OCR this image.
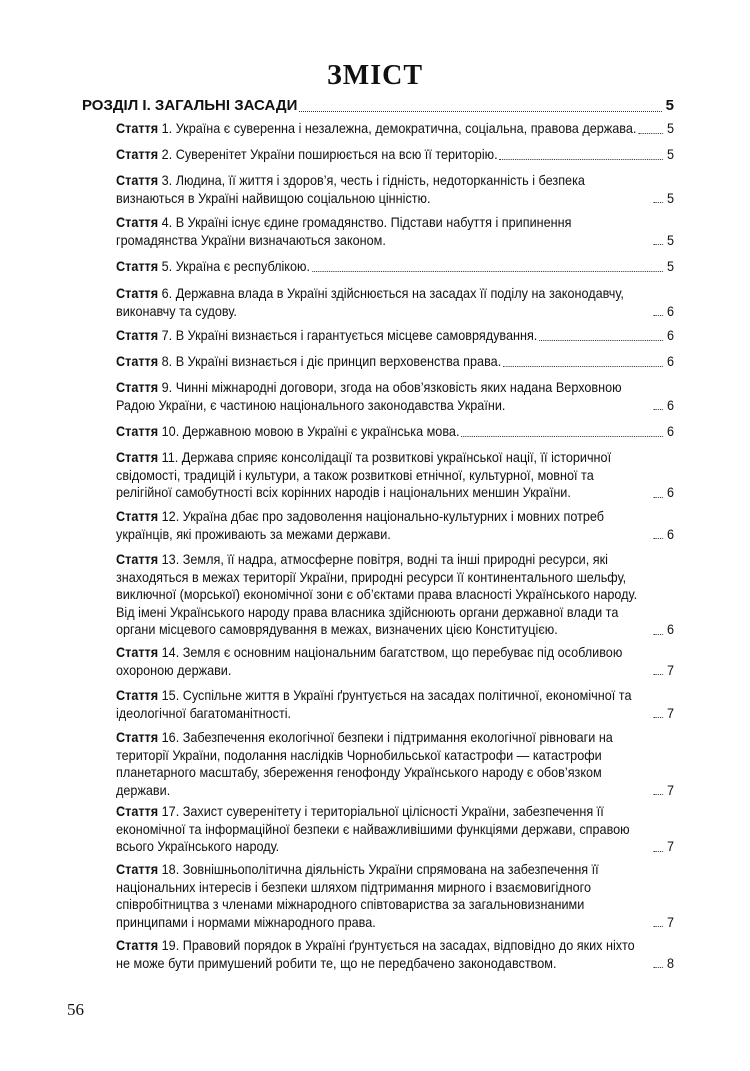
ЗМІСТ
РОЗДІЛ I. ЗАГАЛЬНІ ЗАСАДИ	5
Стаття 1. Україна є суверенна і незалежна, демократична, соціальна, правова держава. 5
Стаття 2. Суверенітет України поширюється на всю її територію.	5
Стаття 3. Людина, її життя і здоров’я, честь і гідність, недоторканність і безпека визнаються в Україні найвищою соціальною цінністю.	5
Стаття 4. В Україні існує єдине громадянство. Підстави набуття і припинення громадянства України визначаються законом.	5
Стаття 5. Україна є республікою.	5
Стаття 6. Державна влада в Україні здійснюється на засадах її поділу на законодавчу, виконавчу та судову.	6
Стаття 7. В Україні визнається і гарантується місцеве самоврядування.	6
Стаття 8. В Україні визнається і діє принцип верховенства права.	6
Стаття 9. Чинні міжнародні договори, згода на обов’язковість яких надана Верховною Радою України, є частиною національного законодавства України.	6
Стаття 10. Державною мовою в Україні є українська мова.	6
Стаття 11. Держава сприяє консолідації та розвиткові української нації, її історичної свідомості, традицій і культури, а також розвиткові етнічної, культурної, мовної та релігійної самобутності всіх корінних народів і національних меншин України.	6
Стаття 12. Україна дбає про задоволення національно-культурних і мовних потреб українців, які проживають за межами держави.	6
Стаття 13. Земля, її надра, атмосферне повітря, водні та інші природні ресурси, які знаходяться в межах території України, природні ресурси її континентального шельфу, виключної (морської) економічної зони є об’єктами права власності Українського народу. Від імені Українського народу права власника здійснюють органи державної влади та органи місцевого самоврядування в межах, визначених цією Конституцією.	6
Стаття 14. Земля є основним національним багатством, що перебуває під особливою охороною держави.	7
Стаття 15. Суспільне життя в Україні ґрунтується на засадах політичної, економічної та ідеологічної багатоманітності.	7
Стаття 16. Забезпечення екологічної безпеки і підтримання екологічної рівноваги на території України, подолання наслідків Чорнобильської катастрофи — катастрофи планетарного масштабу, збереження генофонду Українського народу є обов’язком держави.	7
Стаття 17. Захист суверенітету і територіальної цілісності України, забезпечення її економічної та інформаційної безпеки є найважливішими функціями держави, справою всього Українського народу.	7
Стаття 18. Зовнішньополітична діяльність України спрямована на забезпечення її національних інтересів і безпеки шляхом підтримання мирного і взаємовигідного співробітництва з членами міжнародного співтовариства за загальновизнаними принципами і нормами міжнародного права.	7
Стаття 19. Правовий порядок в Україні ґрунтується на засадах, відповідно до яких ніхто не може бути примушений робити те, що не передбачено законодавством.	8
56
